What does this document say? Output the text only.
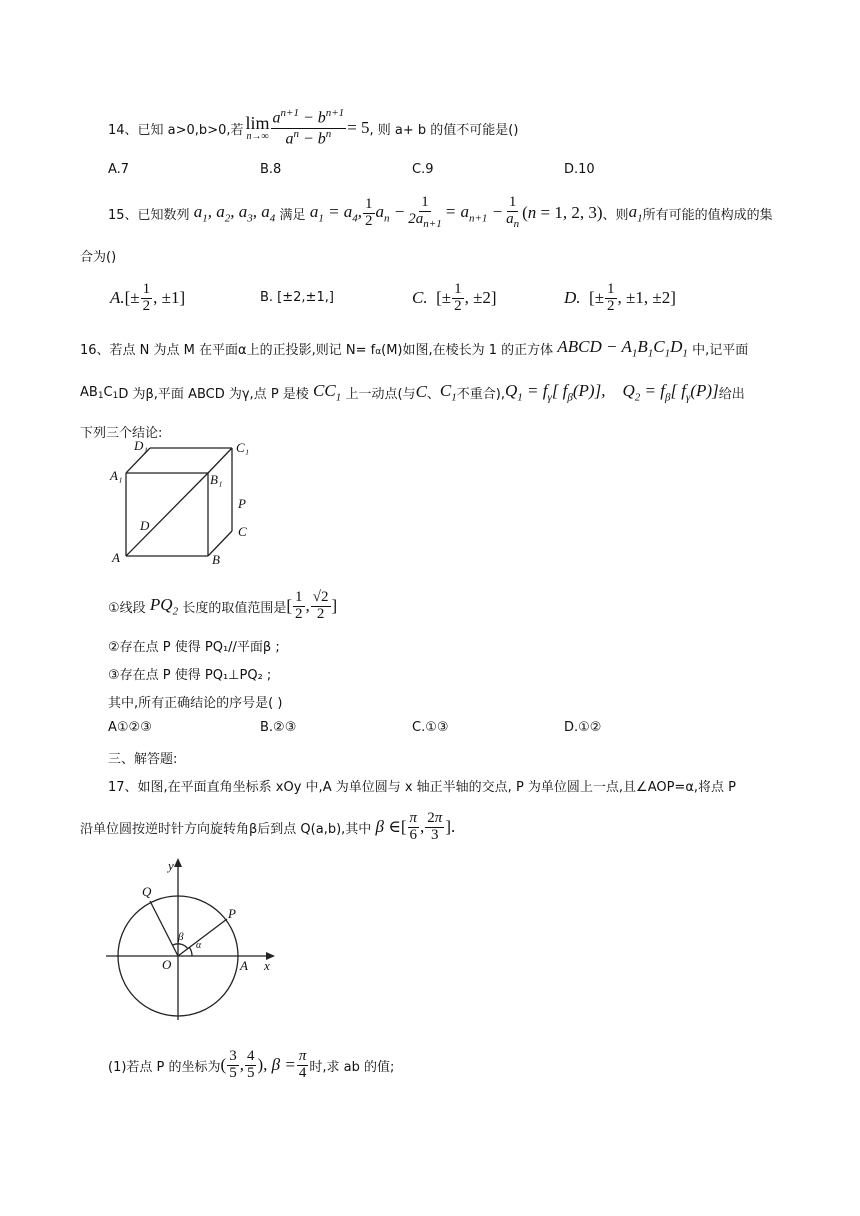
14、已知 a>0,b>0,若 lim
$n\to\infty \frac{a^{n+1} - b^{n+1}}{a^n - b^n} = 5$ , 则 a+ b 的值不可能是()
A.7	B.8	C.9	D.10
15、已知数列 $a_1$, $a_2$, $a_3$, $a_4$ 满足 $a_1 = a_4$, $\frac{1}{2} a_n - \frac{1}{2a_{n+1}} = a_{n+1} - \frac{1}{a_n} (n = 1$, 2, 3) 、则 $a_1$ 所有可能的值构成的集
合为()
A. [± $\frac{1}{2}$ , ±1]	B. [±2,±1,]	C. [± $\frac{1}{2}$ , ±2]	D. [± $\frac{1}{2}$ , ±1, ±2]
16、若点 N 为点 M 在平面α上的正投影,则记 N= f α (M)如图,在棱长为 1 的正方体 ABCD − $A_1B_1C_1D_1$ 中,记平面
AB 1 C 1 D 为β,平面 ABCD 为γ,点 P 是棱 $CC_1$ 上一动点(与 C 、 $C_1$ 不重合), $Q_1 = f_\gamma$[ $f_\beta(P)$],    $Q_2 = f_\beta$[ $f_\gamma(P)$] 给出
下列三个结论:
D₁	C₁
A₁	B₁
P
D	C
A	B
①线段 $PQ_2$ 长度的取值范围是 [ $\frac{1}{2}$ , $\frac{√2}{2}$ ]
②存在点 P 使得 PQ₁//平面β ;
③存在点 P 使得 PQ₁⊥PQ₂ ;
其中,所有正确结论的序号是( )
A①②③	B.②③	C.①③	D.①②
三、解答题:
17、如图,在平面直角坐标系 xOy 中,A 为单位圆与 x 轴正半轴的交点, P 为单位圆上一点,且∠AOP=α,将点 P
沿单位圆按逆时针方向旋转角β后到点 Q(a,b),其中 β ∈ [ $\frac{\pi}{6}$ , $\frac{2\pi}{3}$ ].
y
Q
P
β
α
O	A x
(1)若点 P 的坐标为 ( $\frac{3}{5}$ , $\frac{4}{5}$ ), $\beta = \frac{\pi}{4}$ 时,求 ab 的值;
